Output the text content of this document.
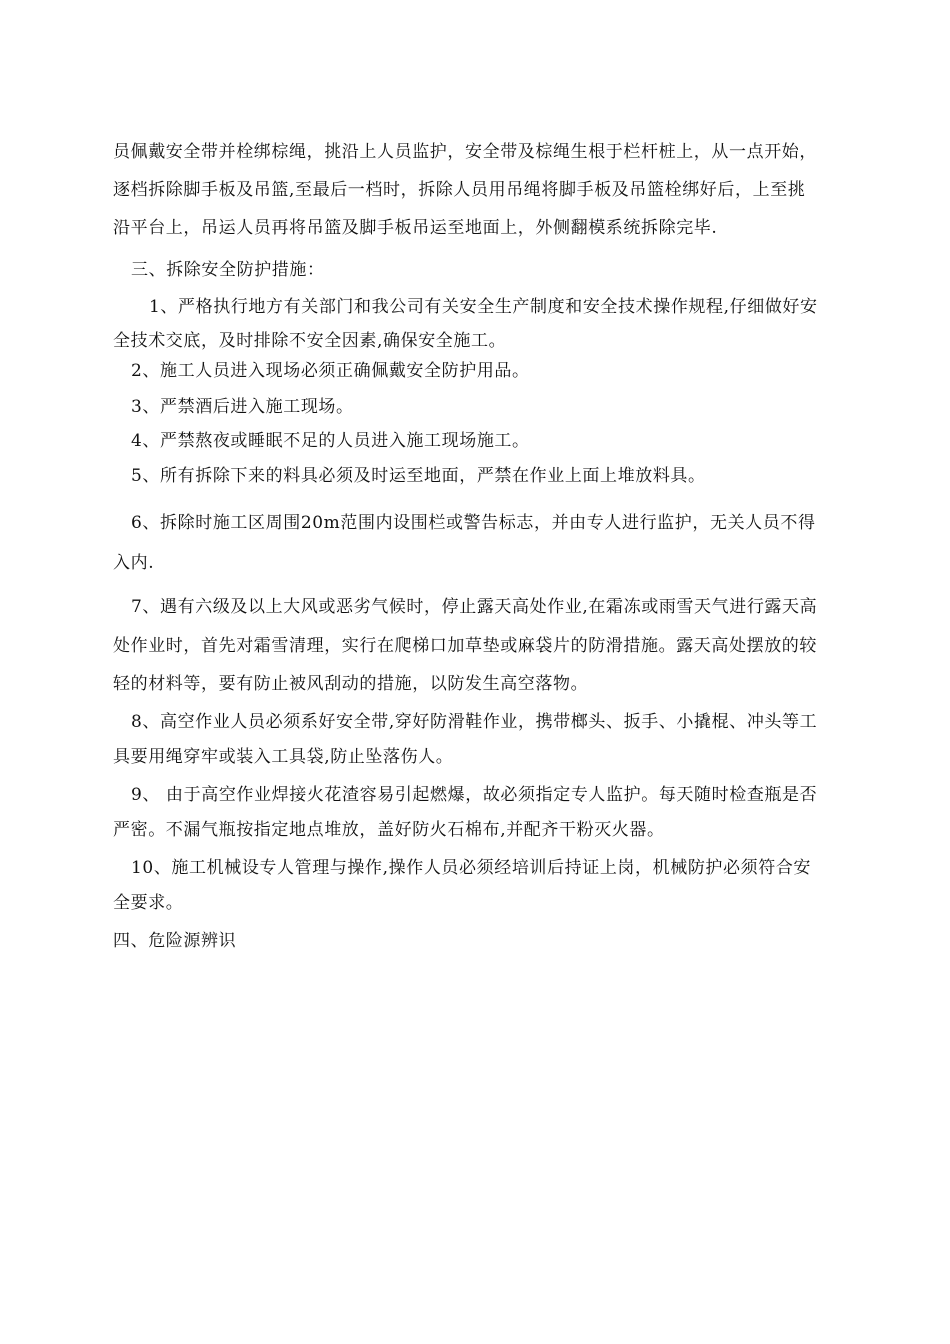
员佩戴安全带并栓绑棕绳，挑沿上人员监护，安全带及棕绳生根于栏杆桩上，从一点开始，
逐档拆除脚手板及吊篮,至最后一档时，拆除人员用吊绳将脚手板及吊篮栓绑好后，上至挑
沿平台上，吊运人员再将吊篮及脚手板吊运至地面上，外侧翻模系统拆除完毕.
三、拆除安全防护措施：
1、严格执行地方有关部门和我公司有关安全生产制度和安全技术操作规程,仔细做好安
全技术交底，及时排除不安全因素,确保安全施工。
2、施工人员进入现场必须正确佩戴安全防护用品。
3、严禁酒后进入施工现场。
4、严禁熬夜或睡眠不足的人员进入施工现场施工。
5、所有拆除下来的料具必须及时运至地面，严禁在作业上面上堆放料具。
6、拆除时施工区周围20m范围内设围栏或警告标志，并由专人进行监护，无关人员不得
入内.
7、遇有六级及以上大风或恶劣气候时，停止露天高处作业,在霜冻或雨雪天气进行露天高
处作业时，首先对霜雪清理，实行在爬梯口加草垫或麻袋片的防滑措施。露天高处摆放的较
轻的材料等，要有防止被风刮动的措施，以防发生高空落物。
8、高空作业人员必须系好安全带,穿好防滑鞋作业，携带榔头、扳手、小撬棍、冲头等工
具要用绳穿牢或装入工具袋,防止坠落伤人。
9、 由于高空作业焊接火花渣容易引起燃爆，故必须指定专人监护。每天随时检查瓶是否
严密。不漏气瓶按指定地点堆放，盖好防火石棉布,并配齐干粉灭火器。
10、施工机械设专人管理与操作,操作人员必须经培训后持证上岗，机械防护必须符合安
全要求。
四、危险源辨识
